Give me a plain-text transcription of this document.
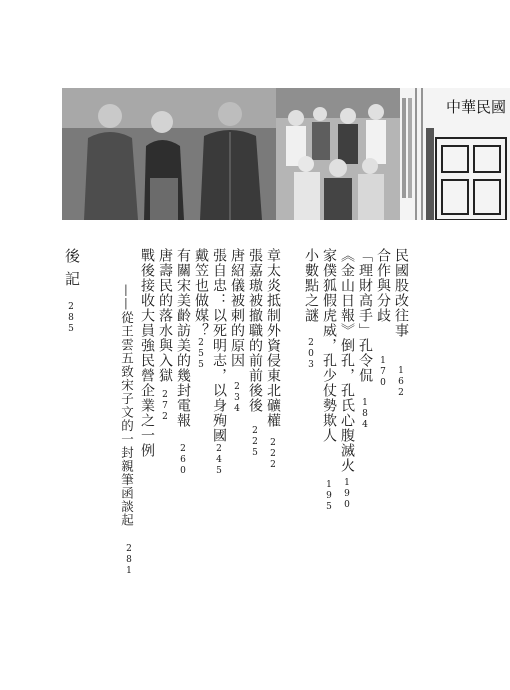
中華民國
民國股改往事
162
合作與分歧
170
「理財高手」孔令侃
184
《金山日報》倒孔，孔氏心腹滅火
190
家僕狐假虎威，孔少仗勢欺人
195
小數點之謎
203
章太炎抵制外資侵東北礦權
222
張嘉璈被撤職的前前後後
225
唐紹儀被刺的原因
234
張自忠：以死明志，以身殉國
245
戴笠也做媒？
255
有關宋美齡訪美的幾封電報
260
唐壽民的落水與入獄
272
戰後接收大員強民營企業之一例
281
——從王雲五致宋子文的一封親筆函談起
後記
285
